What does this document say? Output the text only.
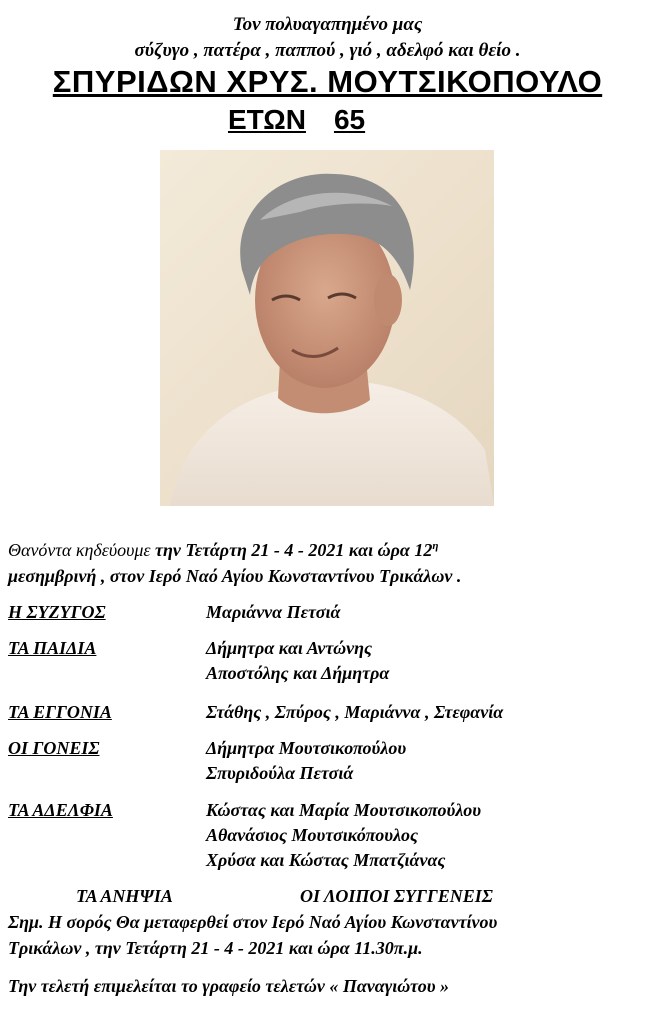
Τον πολυαγαπημένο μας
σύζυγο , πατέρα , παππού , γιό , αδελφό και θείο .
ΣΠΥΡΙΔΩΝ ΧΡΥΣ. ΜΟΥΤΣΙΚΟΠΟΥΛΟ
ΕΤΩΝ 65
Θανόντα κηδεύουμε την Τετάρτη 21 - 4 - 2021 και ώρα $12^\eta$
μεσημβρινή , στον Ιερό Ναό Αγίου Κωνσταντίνου Τρικάλων .
Η ΣΥΖΥΓΟΣ	Μαριάννα Πετσιά
ΤΑ ΠΑΙΔΙΑ	Δήμητρα και Αντώνης
Αποστόλης και Δήμητρα
ΤΑ ΕΓΓΟΝΙΑ	Στάθης , Σπύρος , Μαριάννα , Στεφανία
ΟΙ ΓΟΝΕΙΣ	Δήμητρα Μουτσικοπούλου
Σπυριδούλα Πετσιά
ΤΑ ΑΔΕΛΦΙΑ	Κώστας και Μαρία Μουτσικοπούλου
Αθανάσιος Μουτσικόπουλος
Χρύσα και Κώστας Μπατζιάνας
ΤΑ ΑΝΗΨΙΑ	ΟΙ ΛΟΙΠΟΙ ΣΥΓΓΕΝΕΙΣ
Σημ. Η σορός Θα μεταφερθεί στον Ιερό Ναό Αγίου Κωνσταντίνου
Τρικάλων , την Τετάρτη 21 - 4 - 2021 και ώρα 11.30π.μ.
Την τελετή επιμελείται το γραφείο τελετών « Παναγιώτου »
